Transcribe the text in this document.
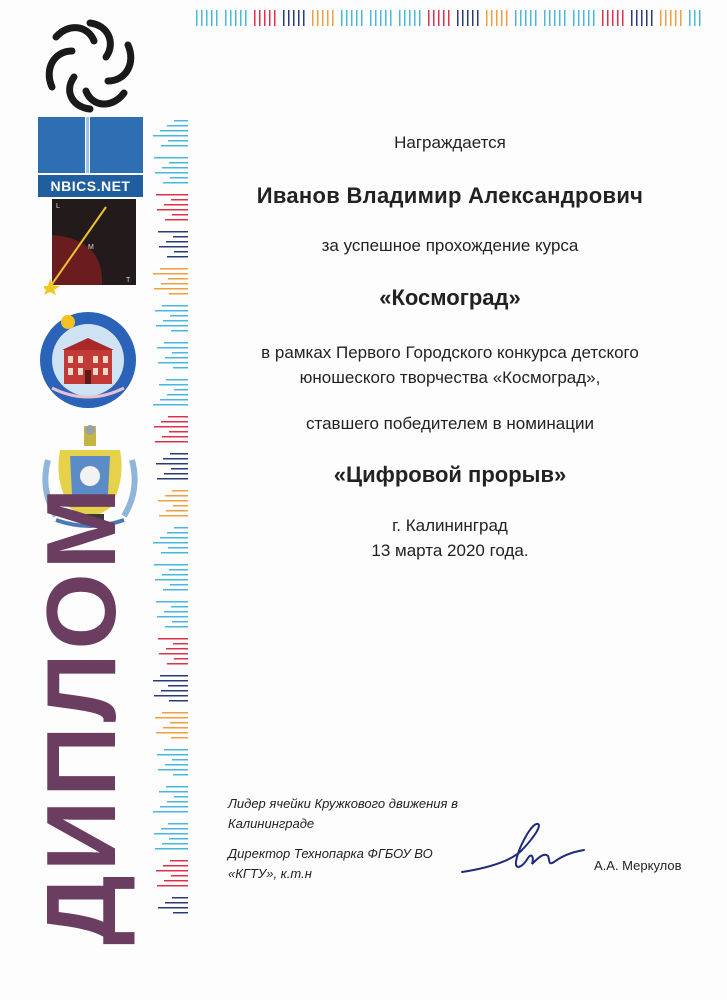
NBICS.NET
L
M
T
ДИПЛОМ
Награждается
Иванов Владимир Александрович
за успешное прохождение курса
«Космоград»
в рамках Первого Городского конкурса детского
юношеского творчества «Космоград»,
ставшего победителем в номинации
«Цифровой прорыв»
г. Калининград
13 марта 2020 года.
Лидер ячейки Кружкового движения в
Калининграде
Директор Технопарка ФГБОУ ВО
«КГТУ», к.т.н
А.А. Меркулов
